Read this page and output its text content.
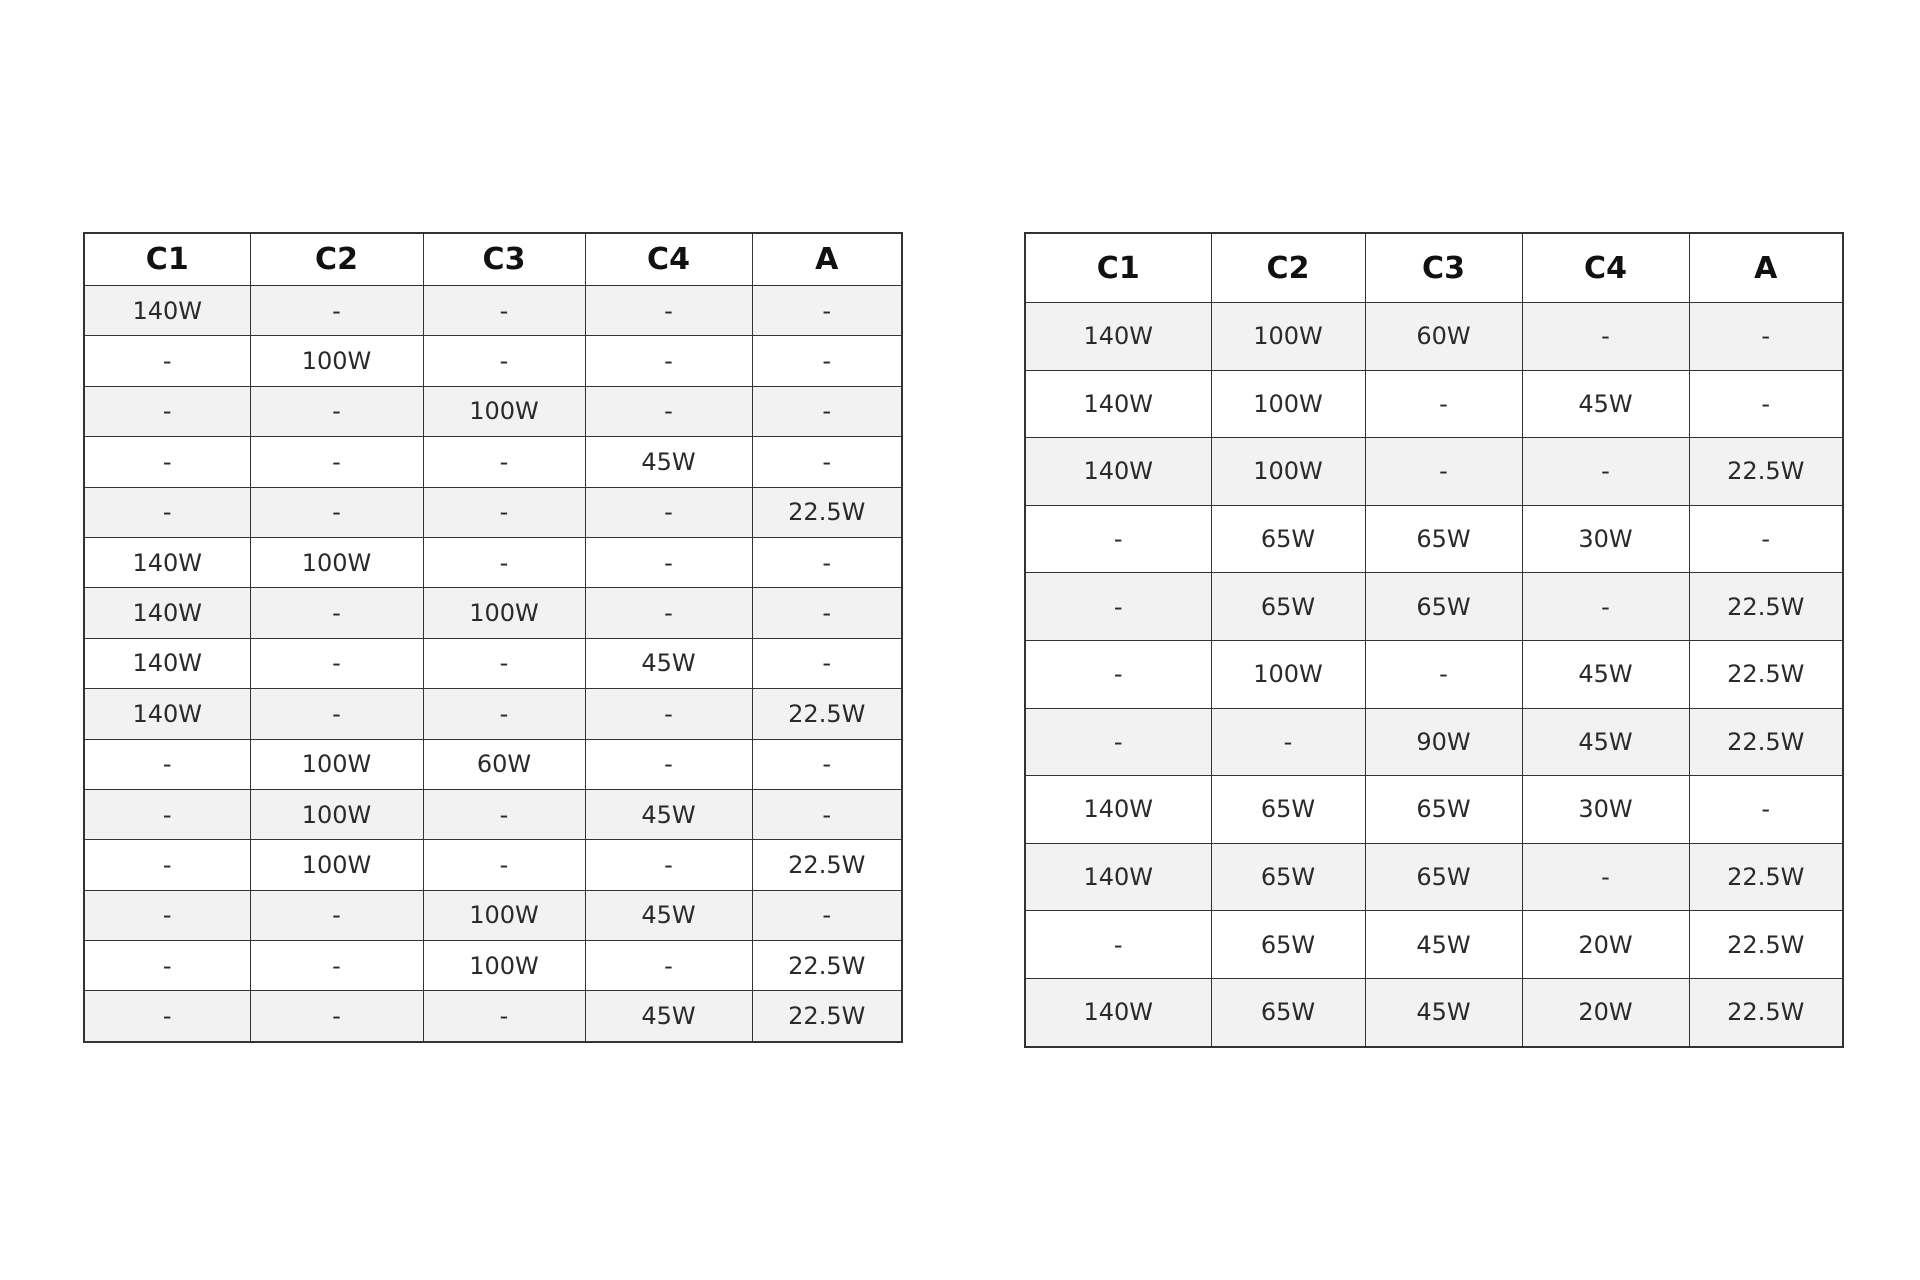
C1	C2	C3	C4	A
140W	-	-	-	-
-	100W	-	-	-
-	-	100W	-	-
-	-	-	45W	-
-	-	-	-	22.5W
140W	100W	-	-	-
140W	-	100W	-	-
140W	-	-	45W	-
140W	-	-	-	22.5W
-	100W	60W	-	-
-	100W	-	45W	-
-	100W	-	-	22.5W
-	-	100W	45W	-
-	-	100W	-	22.5W
-	-	-	45W	22.5W
C1	C2	C3	C4	A
140W	100W	60W	-	-
140W	100W	-	45W	-
140W	100W	-	-	22.5W
-	65W	65W	30W	-
-	65W	65W	-	22.5W
-	100W	-	45W	22.5W
-	-	90W	45W	22.5W
140W	65W	65W	30W	-
140W	65W	65W	-	22.5W
-	65W	45W	20W	22.5W
140W	65W	45W	20W	22.5W
